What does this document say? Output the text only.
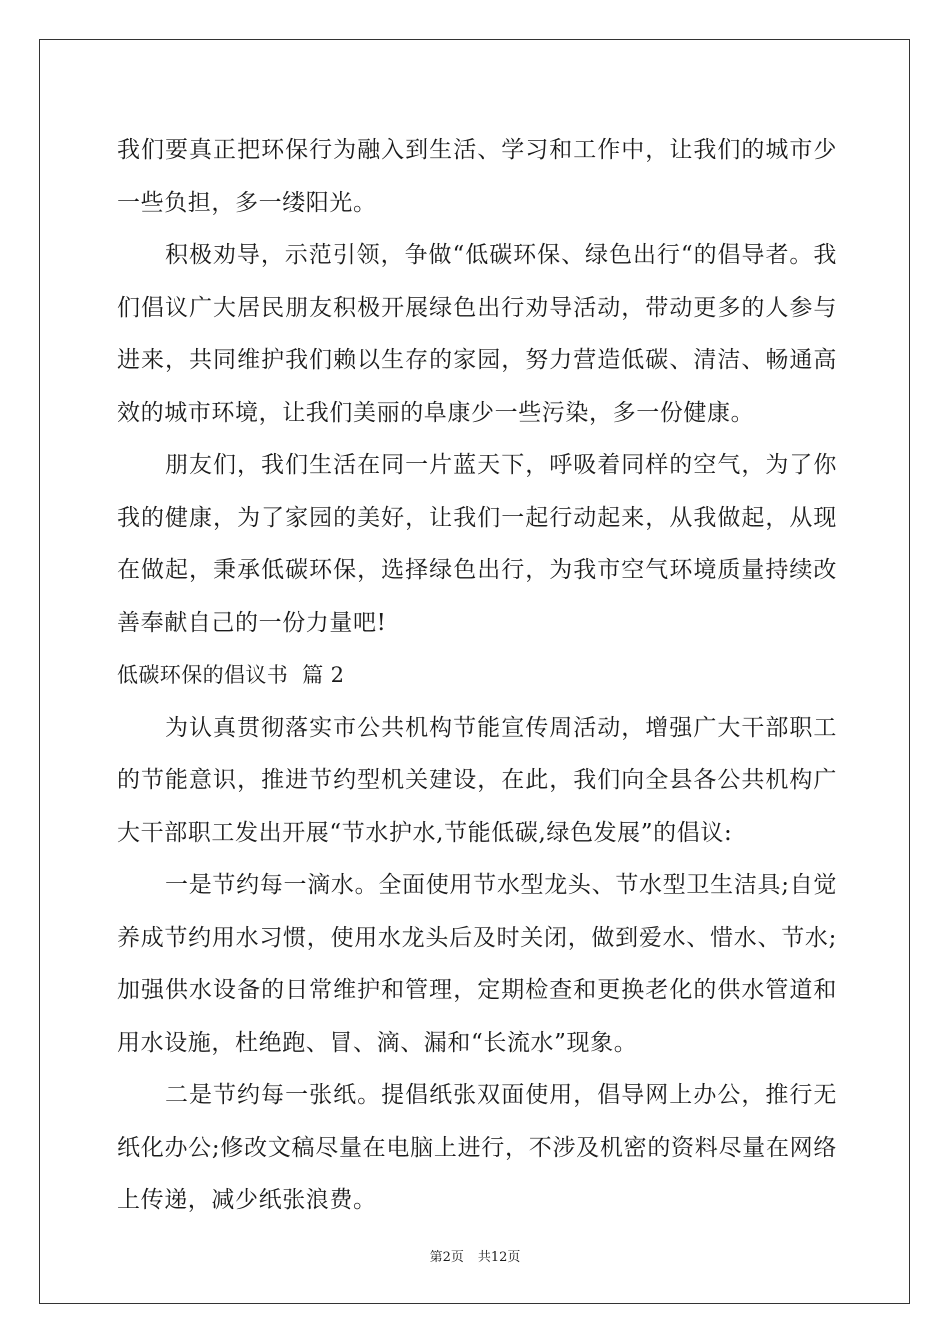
我们要真正把环保行为融入到生活、学习和工作中，让我们的城市少一些负担，多一缕阳光。

积极劝导，示范引领，争做“低碳环保、绿色出行“的倡导者。我们倡议广大居民朋友积极开展绿色出行劝导活动，带动更多的人参与进来，共同维护我们赖以生存的家园，努力营造低碳、清洁、畅通高效的城市环境，让我们美丽的阜康少一些污染，多一份健康。

朋友们，我们生活在同一片蓝天下，呼吸着同样的空气，为了你我的健康，为了家园的美好，让我们一起行动起来，从我做起，从现在做起，秉承低碳环保，选择绿色出行，为我市空气环境质量持续改善奉献自己的一份力量吧!

低碳环保的倡议书 篇 2

为认真贯彻落实市公共机构节能宣传周活动，增强广大干部职工的节能意识，推进节约型机关建设，在此，我们向全县各公共机构广大干部职工发出开展“节水护水,节能低碳,绿色发展”的倡议:

一是节约每一滴水。全面使用节水型龙头、节水型卫生洁具;自觉养成节约用水习惯，使用水龙头后及时关闭，做到爱水、惜水、节水;加强供水设备的日常维护和管理，定期检查和更换老化的供水管道和用水设施，杜绝跑、冒、滴、漏和“长流水”现象。

二是节约每一张纸。提倡纸张双面使用，倡导网上办公，推行无纸化办公;修改文稿尽量在电脑上进行，不涉及机密的资料尽量在网络上传递，减少纸张浪费。

第2页 共12页
